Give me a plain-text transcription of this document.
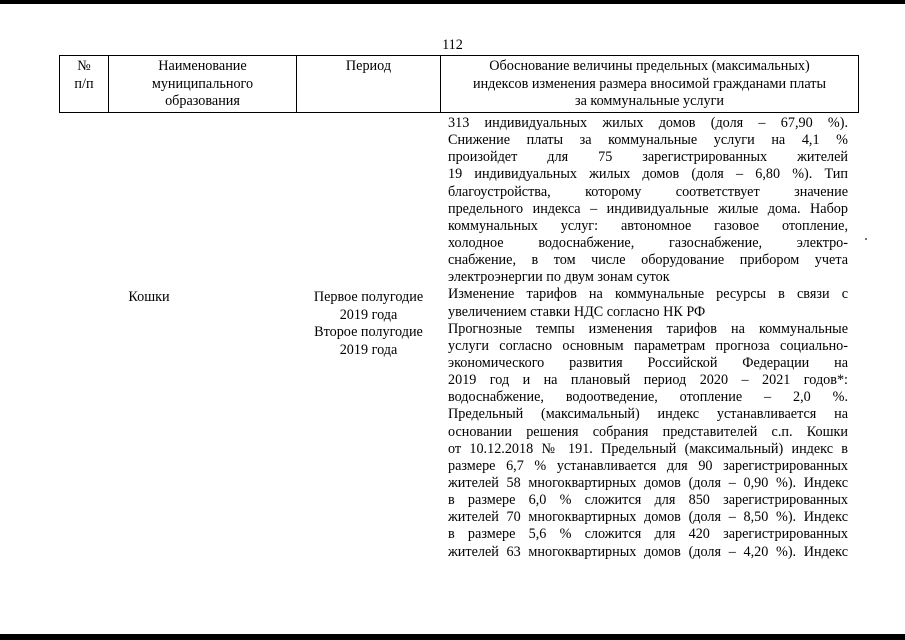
112
№
п/п
Наименование
муниципального
образования
Период	Обоснование величины предельных (максимальных)
индексов изменения размера вносимой гражданами платы
за коммунальные услуги
Кошки	Первое полугодие
2019 года
Второе полугодие
2019 года
313 индивидуальных жилых домов (доля – 67,90 %).
Снижение платы за коммунальные услуги на 4,1 %
произойдет для 75 зарегистрированных жителей
19 индивидуальных жилых домов (доля – 6,80 %). Тип
благоустройства, которому соответствует значение
предельного индекса – индивидуальные жилые дома. Набор
коммунальных услуг: автономное газовое отопление,
холодное водоснабжение, газоснабжение, электро-
снабжение, в том числе оборудование прибором учета
электроэнергии по двум зонам суток
Изменение тарифов на коммунальные ресурсы в связи с
увеличением ставки НДС согласно НК РФ
Прогнозные темпы изменения тарифов на коммунальные
услуги согласно основным параметрам прогноза социально-
экономического развития Российской Федерации на
2019 год и на плановый период 2020 – 2021 годов*:
водоснабжение, водоотведение, отопление – 2,0 %.
Предельный (максимальный) индекс устанавливается на
основании решения собрания представителей с.п. Кошки
от 10.12.2018 № 191. Предельный (максимальный) индекс в
размере 6,7 % устанавливается для 90 зарегистрированных
жителей 58 многоквартирных домов (доля – 0,90 %). Индекс
в размере 6,0 % сложится для 850 зарегистрированных
жителей 70 многоквартирных домов (доля – 8,50 %). Индекс
в размере 5,6 % сложится для 420 зарегистрированных
жителей 63 многоквартирных домов (доля – 4,20 %). Индекс
